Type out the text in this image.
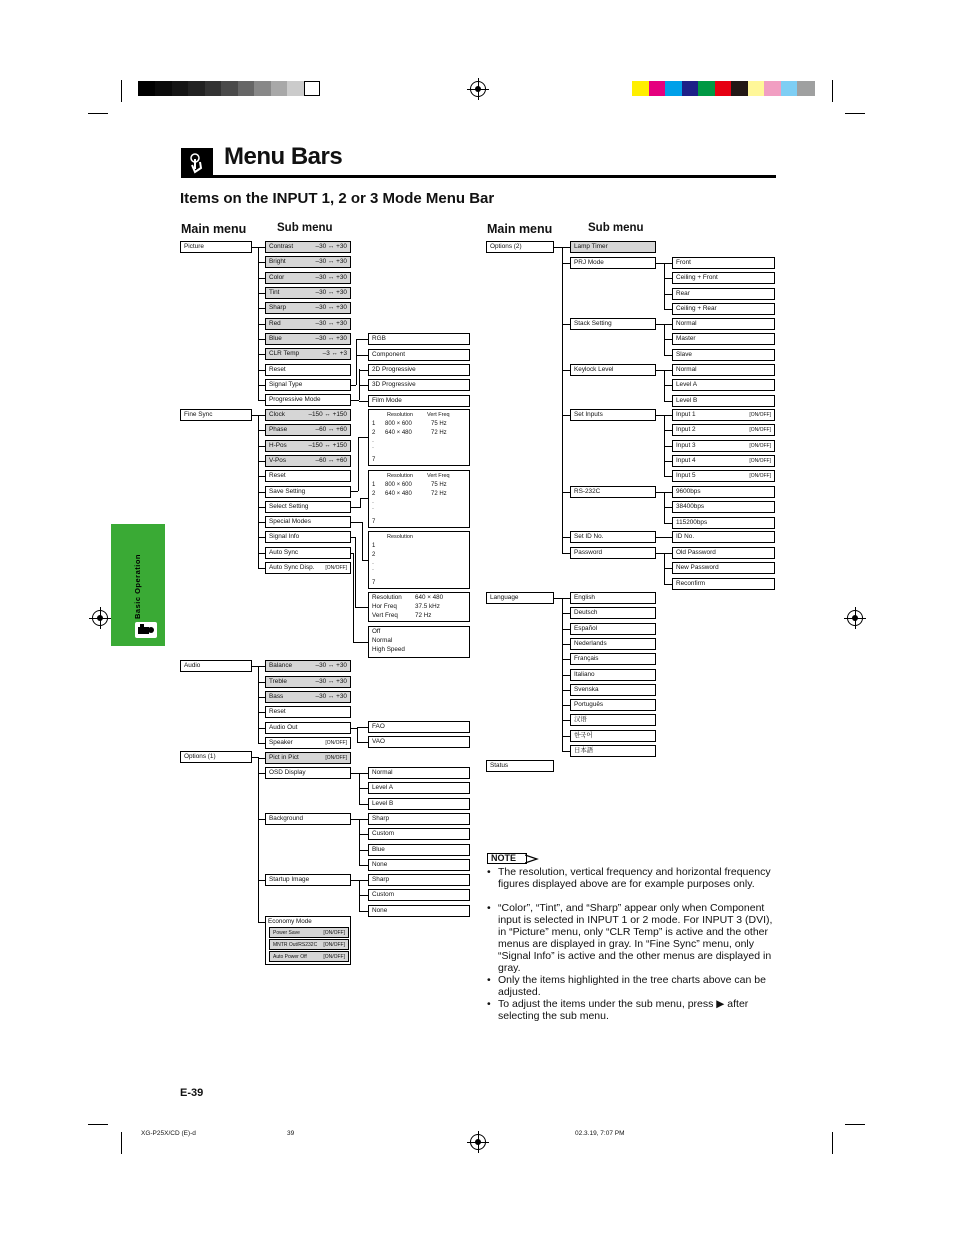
Menu Bars
Items on the INPUT 1, 2 or 3 Mode Menu Bar
Main menu	Sub menu	Main menu	Sub menu
Basic Operation
Picture	Contrast	–30 ↔ +30
Bright	–30 ↔ +30
Color	–30 ↔ +30
Tint	–30 ↔ +30
Sharp	–30 ↔ +30
Red	–30 ↔ +30
Blue	–30 ↔ +30
CLR Temp	–3 ↔ +3
Reset
Signal Type
Progressive Mode
RGB
Component
2D Progressive
3D Progressive
Film Mode
Fine Sync	Clock	–150 ↔ +150
Phase	–60 ↔ +60
H-Pos	–150 ↔ +150
V-Pos	–60 ↔ +60
Reset
Save Setting
Select Setting
Special Modes
Signal Info
Auto Sync
Auto Sync Disp. [ON/OFF]
Resolution	Vert Freq
1 800 × 600	75 Hz
2 640 × 480	72 Hz
·
·
7
Resolution	Vert Freq
1 800 × 600	75 Hz
2 640 × 480	72 Hz
·
·
7
Resolution
1
2
·
·
7
Resolution 640 × 480
Hor Freq	37.5 kHz
Vert Freq	72 Hz
Off
Normal
High Speed
Audio	Balance	–30 ↔ +30
Treble	–30 ↔ +30
Bass	–30 ↔ +30
Reset
Audio Out
Speaker	[ON/OFF]
FAO
VAO
Options (1)	Pict in Pict	[ON/OFF]
OSD Display
Background
Startup Image
Economy Mode
Power Save	[ON/OFF]
MNTR Out/RS232C [ON/OFF]
Auto Power Off	[ON/OFF]
Normal
Level A
Level B
Sharp
Custom
Blue
None
Sharp
Custom
None
Options (2)	Lamp Timer
PRJ Mode
Stack Setting
Keylock Level
Set Inputs
RS-232C
Set ID No.
Password
Front
Ceiling + Front
Rear
Ceiling + Rear
Normal
Master
Slave
Normal
Level A
Level B
Input 1	[ON/OFF]
Input 2	[ON/OFF]
Input 3	[ON/OFF]
Input 4	[ON/OFF]
Input 5	[ON/OFF]
9600bps
38400bps
115200bps
ID No.
Old Password
New Password
Reconfirm
Language	English
Deutsch
Español
Nederlands
Français
Italiano
Svenska
Português
汉语
한국어
日本語
Status
NOTE
• The resolution, vertical frequency and horizontal frequency figures displayed above are for example purposes only.
• “Color”, “Tint”, and “Sharp” appear only when Component input is selected in INPUT 1 or 2 mode. For INPUT 3 (DVI), in “Picture” menu, only “CLR Temp” is active and the other menus are displayed in gray. In “Fine Sync” menu, only “Signal Info” is active and the other menus are displayed in gray.
• Only the items highlighted in the tree charts above can be adjusted.
• To adjust the items under the sub menu, press ▶ after selecting the sub menu.
E-39
XG-P25X/CD (E)-d	39	02.3.19, 7:07 PM
